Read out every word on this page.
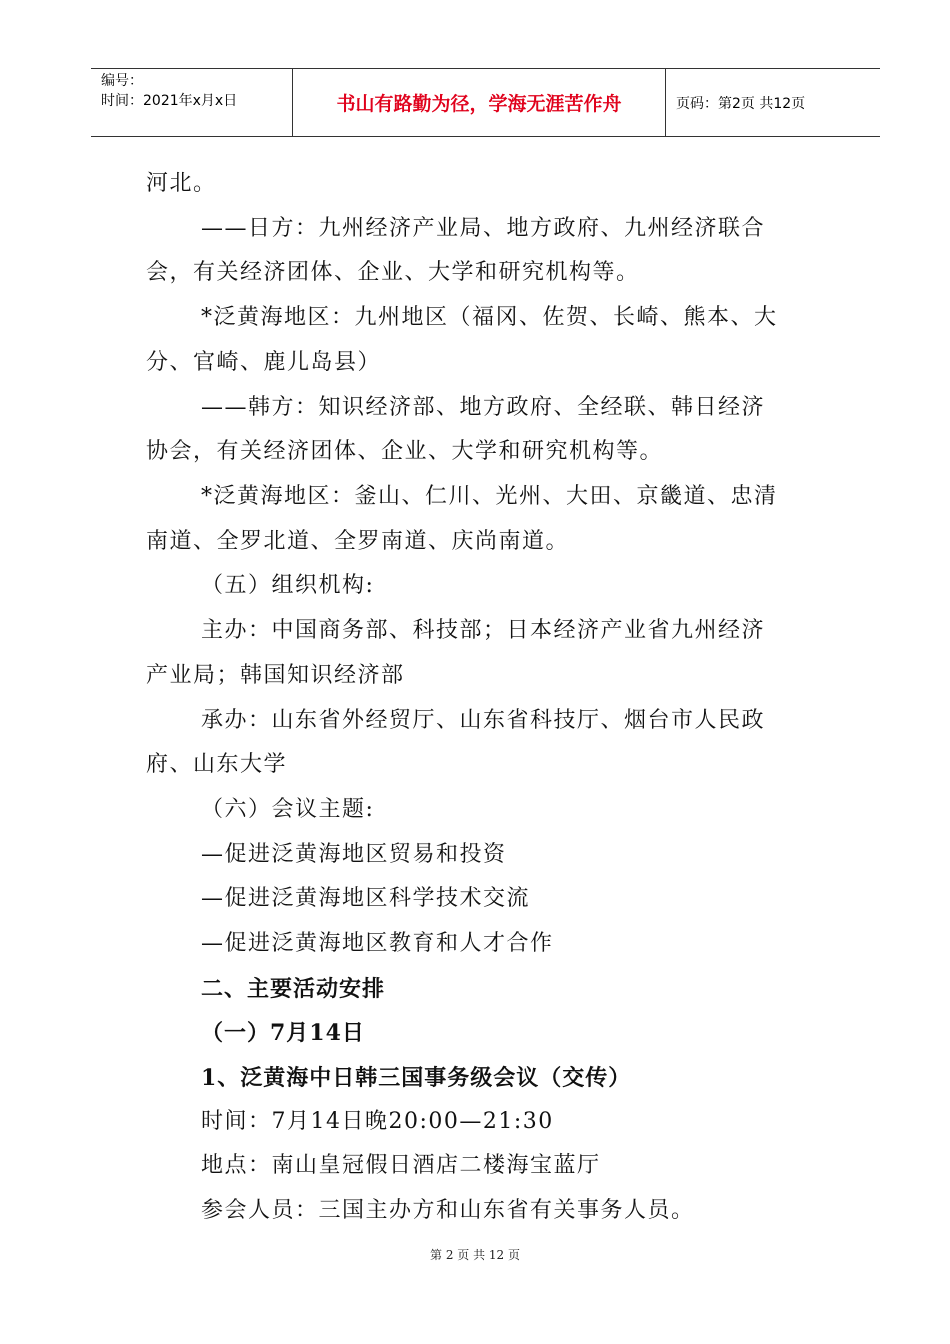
编号：
时间：2021年x月x日	书山有路勤为径，学海无涯苦作舟	页码：第2页 共12页
河北。
——日方：九州经济产业局、地方政府、九州经济联合
会，有关经济团体、企业、大学和研究机构等。
*泛黄海地区：九州地区（福冈、佐贺、长崎、熊本、大
分、官崎、鹿儿岛县）
——韩方：知识经济部、地方政府、全经联、韩日经济
协会，有关经济团体、企业、大学和研究机构等。
*泛黄海地区：釜山、仁川、光州、大田、京畿道、忠清
南道、全罗北道、全罗南道、庆尚南道。
（五）组织机构:
主办：中国商务部、科技部；日本经济产业省九州经济
产业局；韩国知识经济部
承办：山东省外经贸厅、山东省科技厅、烟台市人民政
府、山东大学
（六）会议主题:
—促进泛黄海地区贸易和投资
—促进泛黄海地区科学技术交流
—促进泛黄海地区教育和人才合作
二、主要活动安排
（一）7月14日
1、泛黄海中日韩三国事务级会议（交传）
时间：7月14日晚20:00—21:30
地点：南山皇冠假日酒店二楼海宝蓝厅
参会人员：三国主办方和山东省有关事务人员。
第 2 页 共 12 页
